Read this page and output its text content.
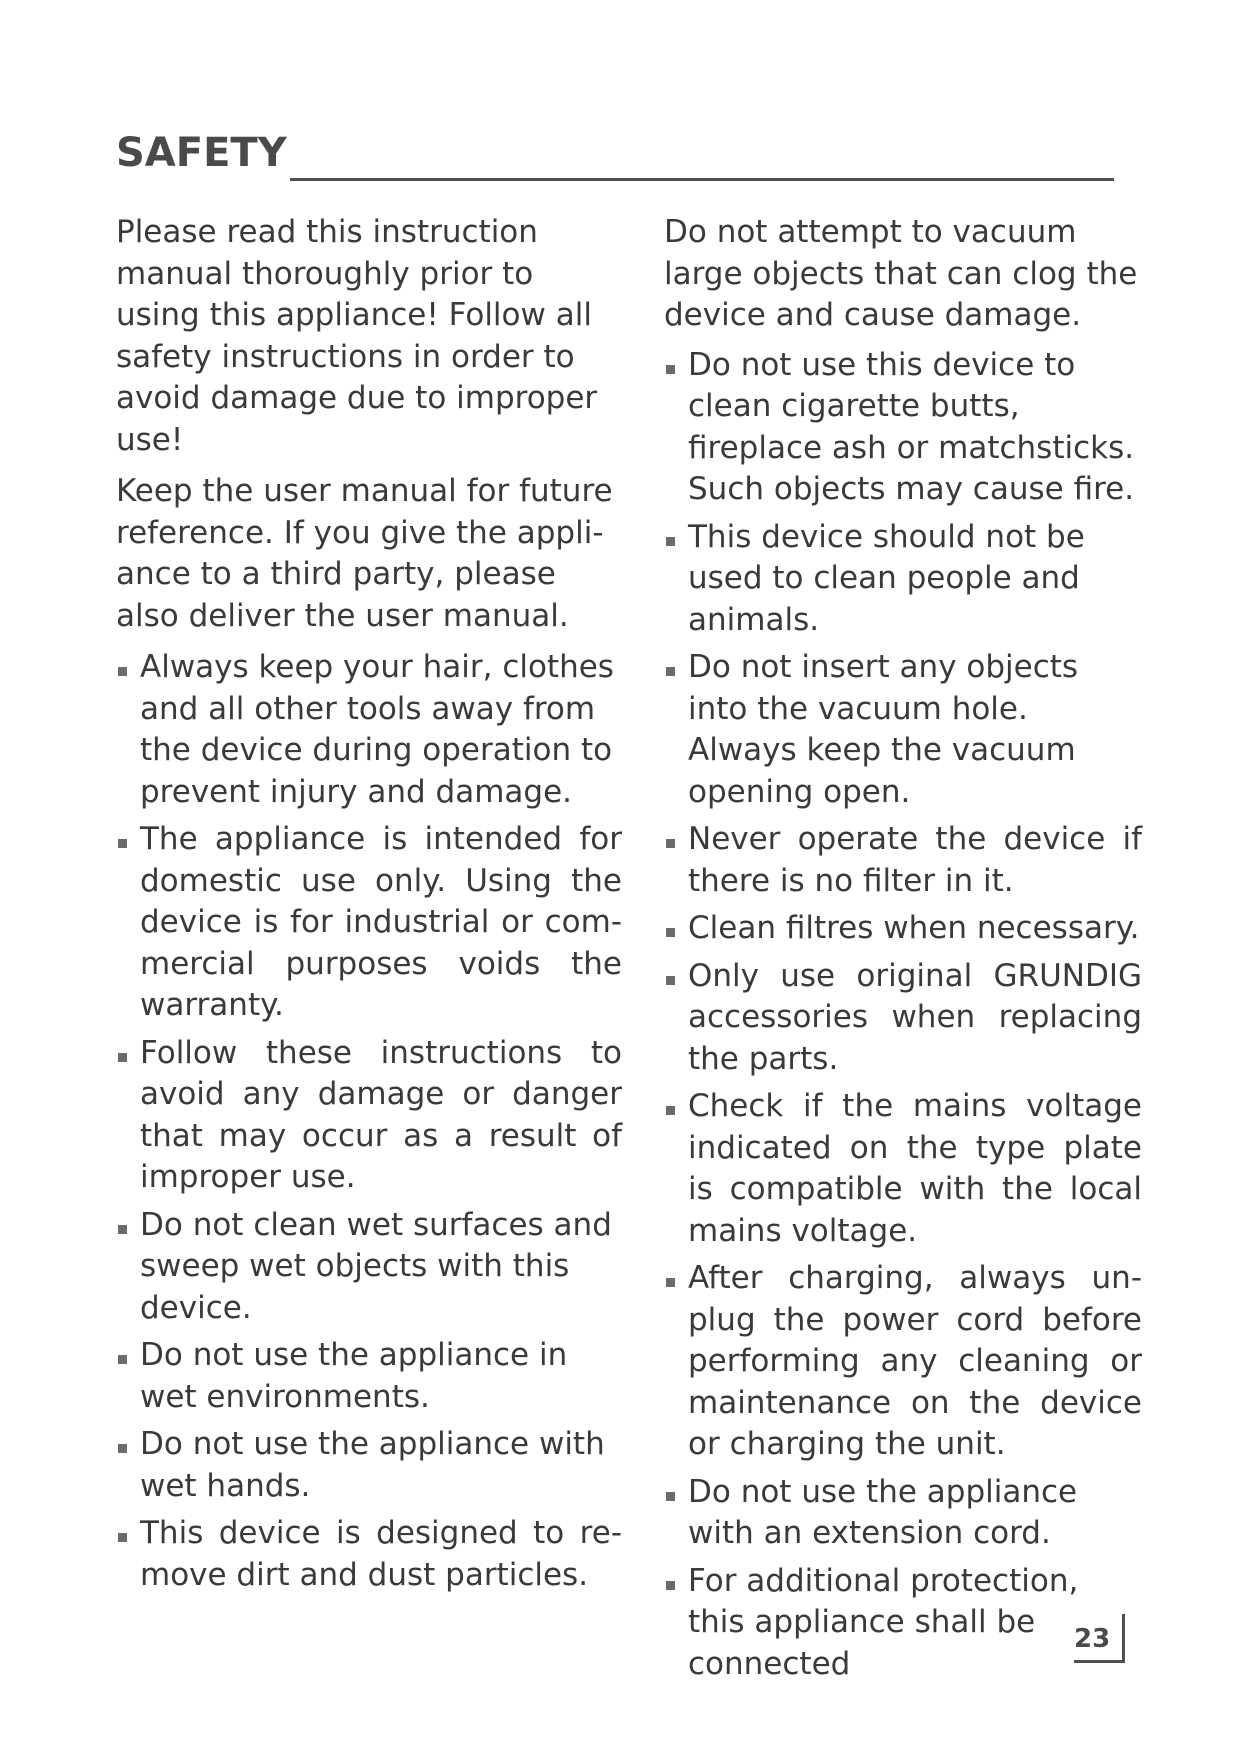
SAFETY

Please read this instruction manual thoroughly prior to using this appliance! Follow all safety instructions in order to avoid damage due to improper use!

Keep the user manual for future reference. If you give the appliance to a third party, please also deliver the user manual.

Always keep your hair, clothes and all other tools away from the device during operation to prevent injury and damage.
The appliance is intended for domestic use only. Using the device is for industrial or commercial purposes voids the warranty.
Follow these instructions to avoid any damage or danger that may occur as a result of improper use.
Do not clean wet surfaces and sweep wet objects with this device.
Do not use the appliance in wet environments.
Do not use the appliance with wet hands.
This device is designed to remove dirt and dust particles.

Do not attempt to vacuum large objects that can clog the device and cause damage.

Do not use this device to clean cigarette butts, fireplace ash or matchsticks. Such objects may cause fire.
This device should not be used to clean people and animals.
Do not insert any objects into the vacuum hole. Always keep the vacuum opening open.
Never operate the device if there is no filter in it.
Clean filtres when necessary.
Only use original GRUNDIG accessories when replacing the parts.
Check if the mains voltage indicated on the type plate is compatible with the local mains voltage.
After charging, always unplug the power cord before performing any cleaning or maintenance on the device or charging the unit.
Do not use the appliance with an extension cord.
For additional protection, this appliance shall be connected
23
